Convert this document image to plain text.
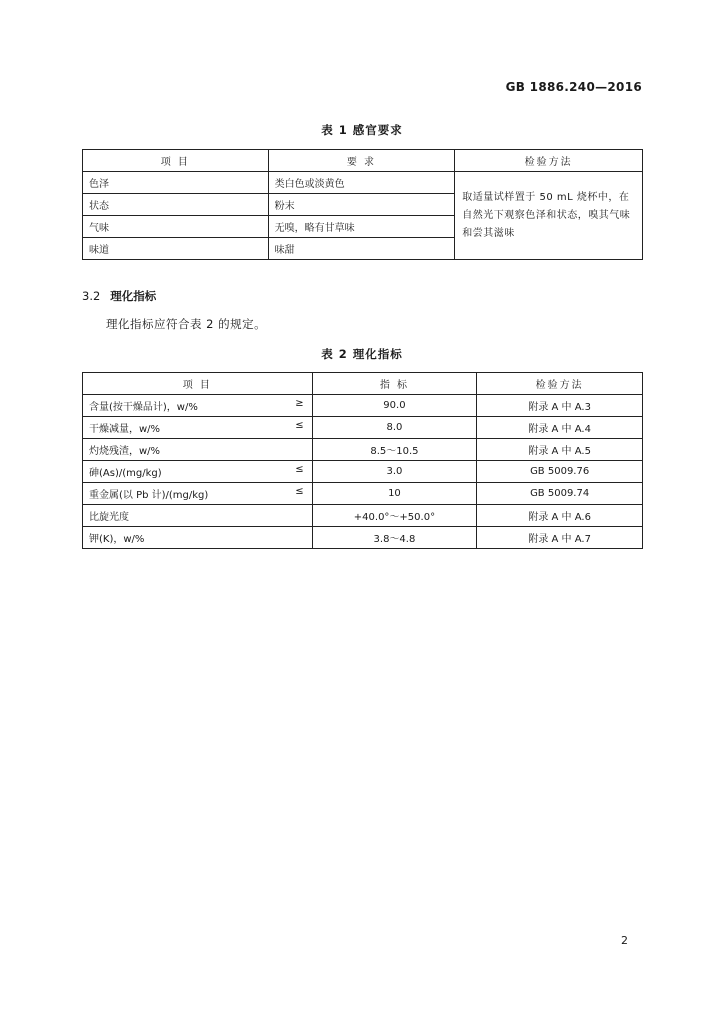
GB 1886.240—2016
表 1 感官要求
项 目	要 求	检验方法
色泽	类白色或淡黄色	取适量试样置于 50 mL 烧杯中，在自然光下观察色泽和状态，嗅其气味和尝其滋味
状态	粉末	
气味	无嗅，略有甘草味	
味道	味甜	
3.2 理化指标
理化指标应符合表 2 的规定。
表 2 理化指标
项 目	指 标	检验方法
含量(按干燥品计)，w/% ≥	90.0	附录 A 中 A.3
干燥减量，w/% ≤	8.0	附录 A 中 A.4
灼烧残渣，w/%	8.5～10.5	附录 A 中 A.5
砷(As)/(mg/kg) ≤	3.0	GB 5009.76
重金属(以 Pb 计)/(mg/kg) ≤	10	GB 5009.74
比旋光度	+40.0°～+50.0°	附录 A 中 A.6
钾(K)，w/%	3.8～4.8	附录 A 中 A.7
2
